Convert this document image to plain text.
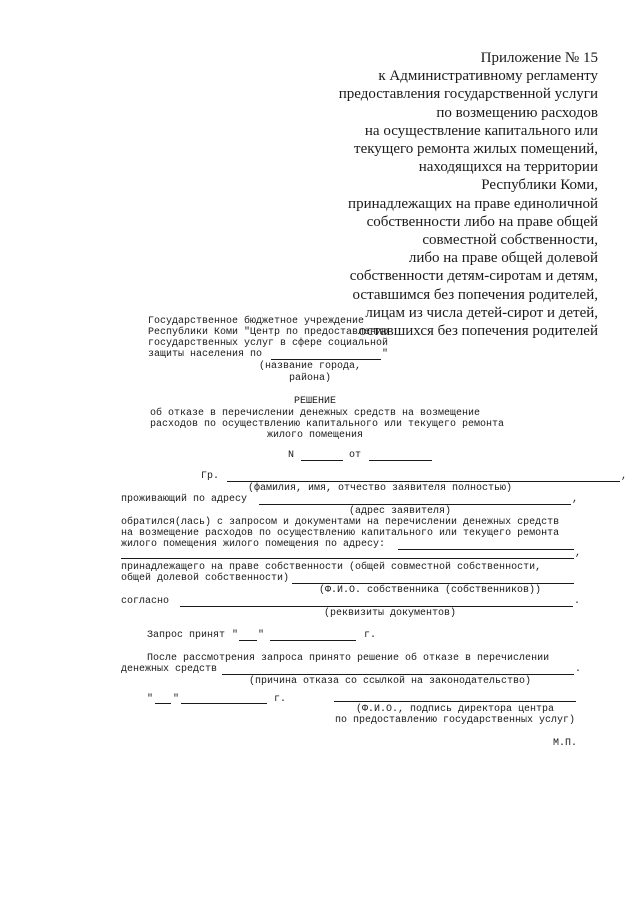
Приложение № 15
к Административному регламенту
предоставления государственной услуги
по возмещению расходов
на осуществление капитального или
текущего ремонта жилых помещений,
находящихся на территории
Республики Коми,
принадлежащих на праве единоличной
собственности либо на праве общей
совместной собственности,
либо на праве общей долевой
собственности детям-сиротам и детям,
оставшимся без попечения родителей,
лицам из числа детей-сирот и детей,
оставшихся без попечения родителей
Государственное бюджетное учреждение
Республики Коми "Центр по предоставлению
государственных услуг в сфере социальной
защиты населения по	"
(название города,
района)
РЕШЕНИЕ
об отказе в перечислении денежных средств на возмещение
расходов по осуществлению капитального или текущего ремонта
жилого помещения
N	от
Гр.	,
(фамилия, имя, отчество заявителя полностью)
проживающий по адресу	,
(адрес заявителя)
обратился(лась) с запросом и документами на перечислении денежных средств
на возмещение расходов по осуществлению капитального или текущего ремонта
жилого помещения жилого помещения по адресу:
,
принадлежащего на праве собственности (общей совместной собственности,
общей долевой собственности)
(Ф.И.О. собственника (собственников))
согласно	.
(реквизиты документов)
Запрос принят " "	г.
После рассмотрения запроса принято решение об отказе в перечислении
денежных средств	.
(причина отказа со ссылкой на законодательство)
" "	г.
(Ф.И.О., подпись директора центра
по предоставлению государственных услуг)
М.П.
